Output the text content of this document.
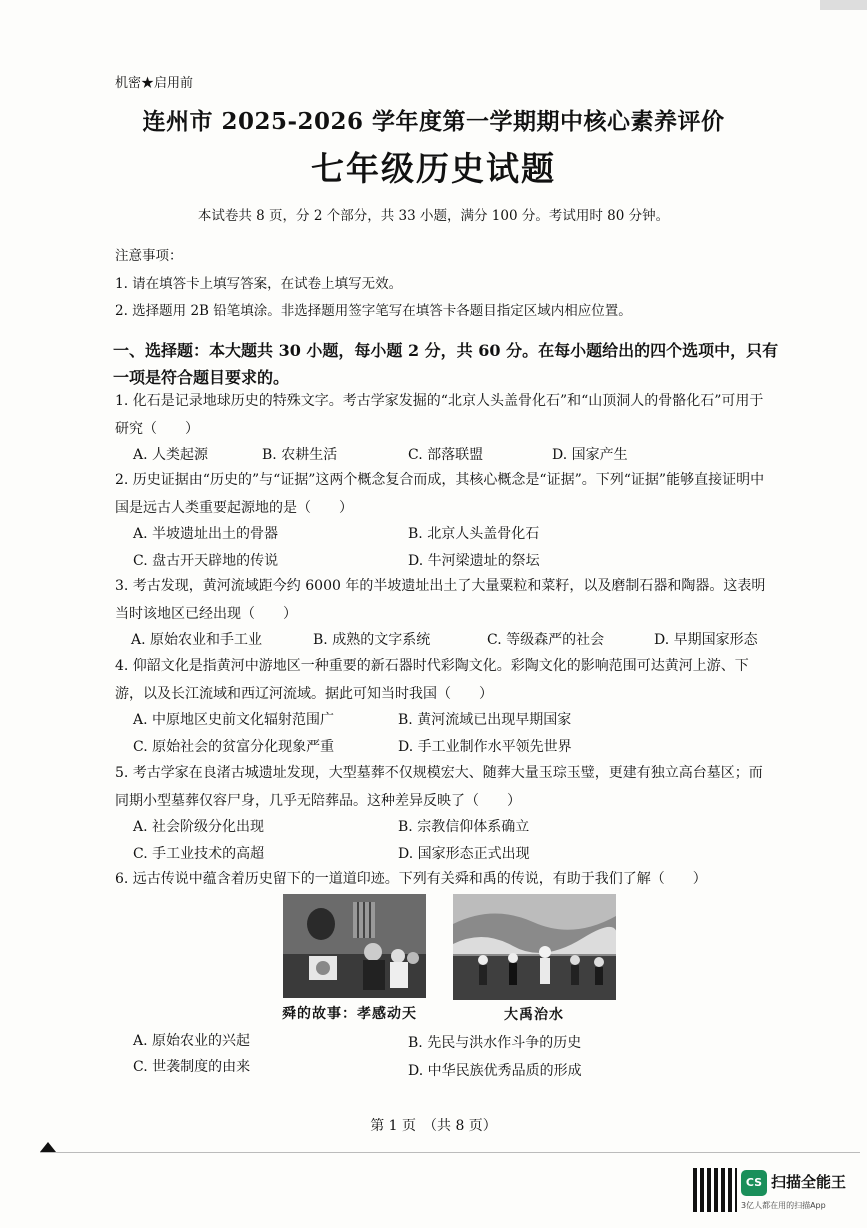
机密★启用前
连州市 2025-2026 学年度第一学期期中核心素养评价
七年级历史试题
本试卷共 8 页，分 2 个部分，共 33 小题，满分 100 分。考试用时 80 分钟。
注意事项：
1. 请在填答卡上填写答案，在试卷上填写无效。
2. 选择题用 2B 铅笔填涂。非选择题用签字笔写在填答卡各题目指定区域内相应位置。
一、选择题：本大题共 30 小题，每小题 2 分，共 60 分。在每小题给出的四个选项中，只有一项是符合题目要求的。
1. 化石是记录地球历史的特殊文字。考古学家发掘的“北京人头盖骨化石”和“山顶洞人的骨骼化石”可用于研究（　　）
A. 人类起源	B. 农耕生活	C. 部落联盟	D. 国家产生
2. 历史证据由“历史的”与“证据”这两个概念复合而成，其核心概念是“证据”。下列“证据”能够直接证明中国是远古人类重要起源地的是（　　）
A. 半坡遗址出土的骨器	B. 北京人头盖骨化石
C. 盘古开天辟地的传说	D. 牛河梁遗址的祭坛
3. 考古发现，黄河流域距今约 6000 年的半坡遗址出土了大量粟粒和菜籽，以及磨制石器和陶器。这表明当时该地区已经出现（　　）
A. 原始农业和手工业	B. 成熟的文字系统	C. 等级森严的社会	D. 早期国家形态
4. 仰韶文化是指黄河中游地区一种重要的新石器时代彩陶文化。彩陶文化的影响范围可达黄河上游、下游，以及长江流域和西辽河流域。据此可知当时我国（　　）
A. 中原地区史前文化辐射范围广	B. 黄河流域已出现早期国家
C. 原始社会的贫富分化现象严重	D. 手工业制作水平领先世界
5. 考古学家在良渚古城遗址发现，大型墓葬不仅规模宏大、随葬大量玉琮玉璧，更建有独立高台墓区；而同期小型墓葬仅容尸身，几乎无陪葬品。这种差异反映了（　　）
A. 社会阶级分化出现	B. 宗教信仰体系确立
C. 手工业技术的高超	D. 国家形态正式出现
6. 远古传说中蕴含着历史留下的一道道印迹。下列有关舜和禹的传说，有助于我们了解（　　）
舜的故事：孝感动天	大禹治水
A. 原始农业的兴起	B. 先民与洪水作斗争的历史
C. 世袭制度的由来	D. 中华民族优秀品质的形成
第 1 页　（共 8 页）
CS 扫描全能王
3亿人都在用的扫描App
